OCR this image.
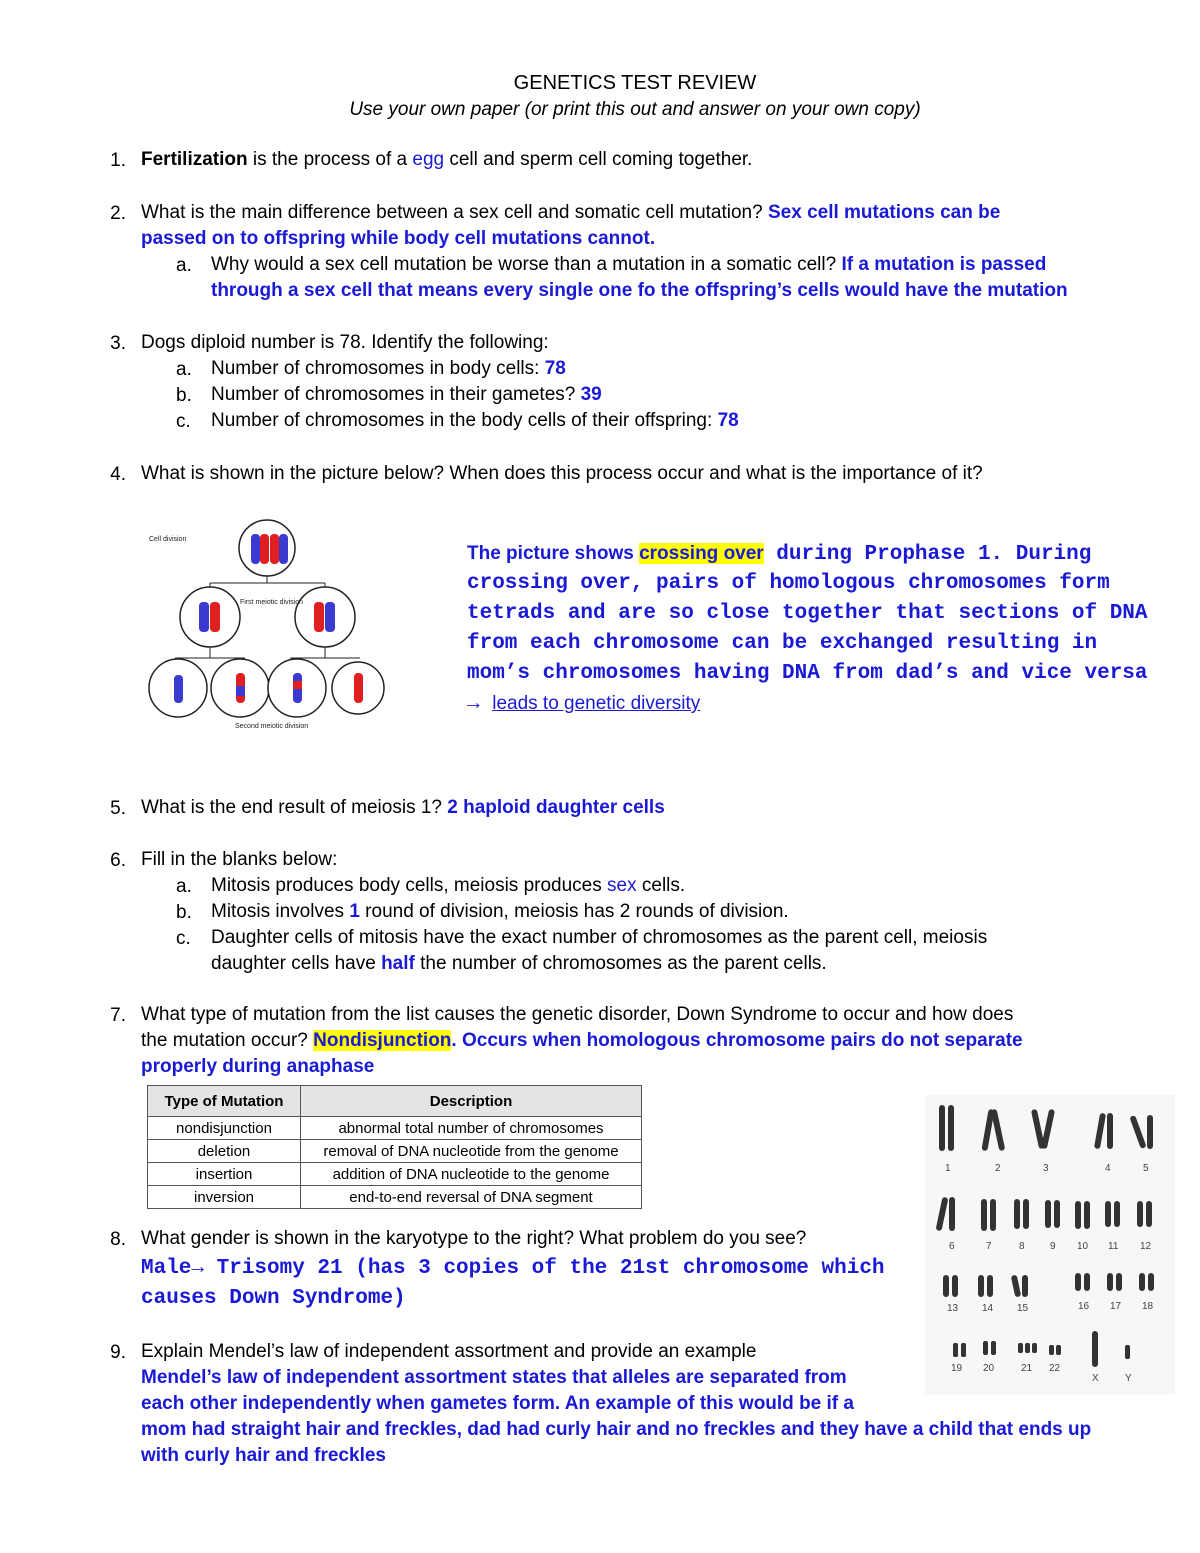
GENETICS TEST REVIEW
Use your own paper (or print this out and answer on your own copy)
1. Fertilization is the process of a egg cell and sperm cell coming together.
2. What is the main difference between a sex cell and somatic cell mutation? Sex cell mutations can be
passed on to offspring while body cell mutations cannot.
a. Why would a sex cell mutation be worse than a mutation in a somatic cell? If a mutation is passed
through a sex cell that means every single one fo the offspring’s cells would have the mutation
3. Dogs diploid number is 78. Identify the following:
a. Number of chromosomes in body cells: 78
b. Number of chromosomes in their gametes? 39
c. Number of chromosomes in the body cells of their offspring: 78
4. What is shown in the picture below? When does this process occur and what is the importance of it?
Cell division
First meiotic division
Second meiotic division
The picture shows crossing over during Prophase 1. During
crossing over, pairs of homologous chromosomes form
tetrads and are so close together that sections of DNA
from each chromosome can be exchanged resulting in
mom’s chromosomes having DNA from dad’s and vice versa
→ leads to genetic diversity
5. What is the end result of meiosis 1? 2 haploid daughter cells
6. Fill in the blanks below:
a. Mitosis produces body cells, meiosis produces sex cells.
b. Mitosis involves 1 round of division, meiosis has 2 rounds of division.
c. Daughter cells of mitosis have the exact number of chromosomes as the parent cell, meiosis
daughter cells have half the number of chromosomes as the parent cells.
7. What type of mutation from the list causes the genetic disorder, Down Syndrome to occur and how does
the mutation occur? Nondisjunction. Occurs when homologous chromosome pairs do not separate
properly during anaphase
Type of Mutation	Description
nondisjunction	abnormal total number of chromosomes
deletion	removal of DNA nucleotide from the genome
insertion	addition of DNA nucleotide to the genome
inversion	end-to-end reversal of DNA segment
8. What gender is shown in the karyotype to the right? What problem do you see?
Male→ Trisomy 21 (has 3 copies of the 21st chromosome which
causes Down Syndrome)
1	2	3	4	5
6	7	8	9 10 11 12
13 14 15	16 17 18
19 20	21 22
X	Y
9. Explain Mendel’s law of independent assortment and provide an example
Mendel’s law of independent assortment states that alleles are separated from
each other independently when gametes form. An example of this would be if a
mom had straight hair and freckles, dad had curly hair and no freckles and they have a child that ends up
with curly hair and freckles
